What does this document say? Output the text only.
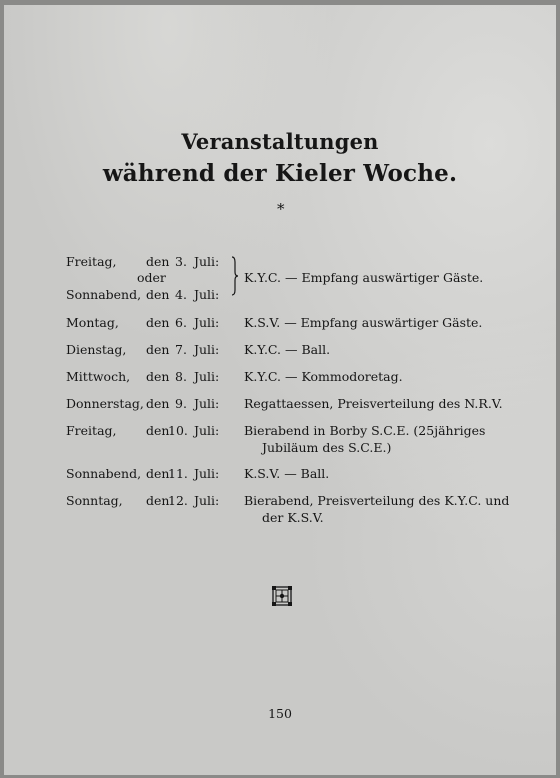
Veranstaltungen
während der Kieler Woche.
*
Freitag, den 3. Juli:
oder
Sonnabend, den 4. Juli:
K.Y.C. — Empfang auswärtiger Gäste.
Montag, den 6. Juli: K.S.V. — Empfang auswärtiger Gäste.
Dienstag, den 7. Juli: K.Y.C. — Ball.
Mittwoch, den 8. Juli: K.Y.C. — Kommodoretag.
Donnerstag, den 9. Juli: Regattaessen, Preisverteilung des N.R.V.
Freitag, den
10. Juli: Bierabend in Borby S.C.E. (25jähriges
Jubiläum des S.C.E.)
Sonnabend, den
11. Juli: K.S.V. — Ball.
Sonntag, den
12. Juli: Bierabend, Preisverteilung des K.Y.C. und
der K.S.V.
150
